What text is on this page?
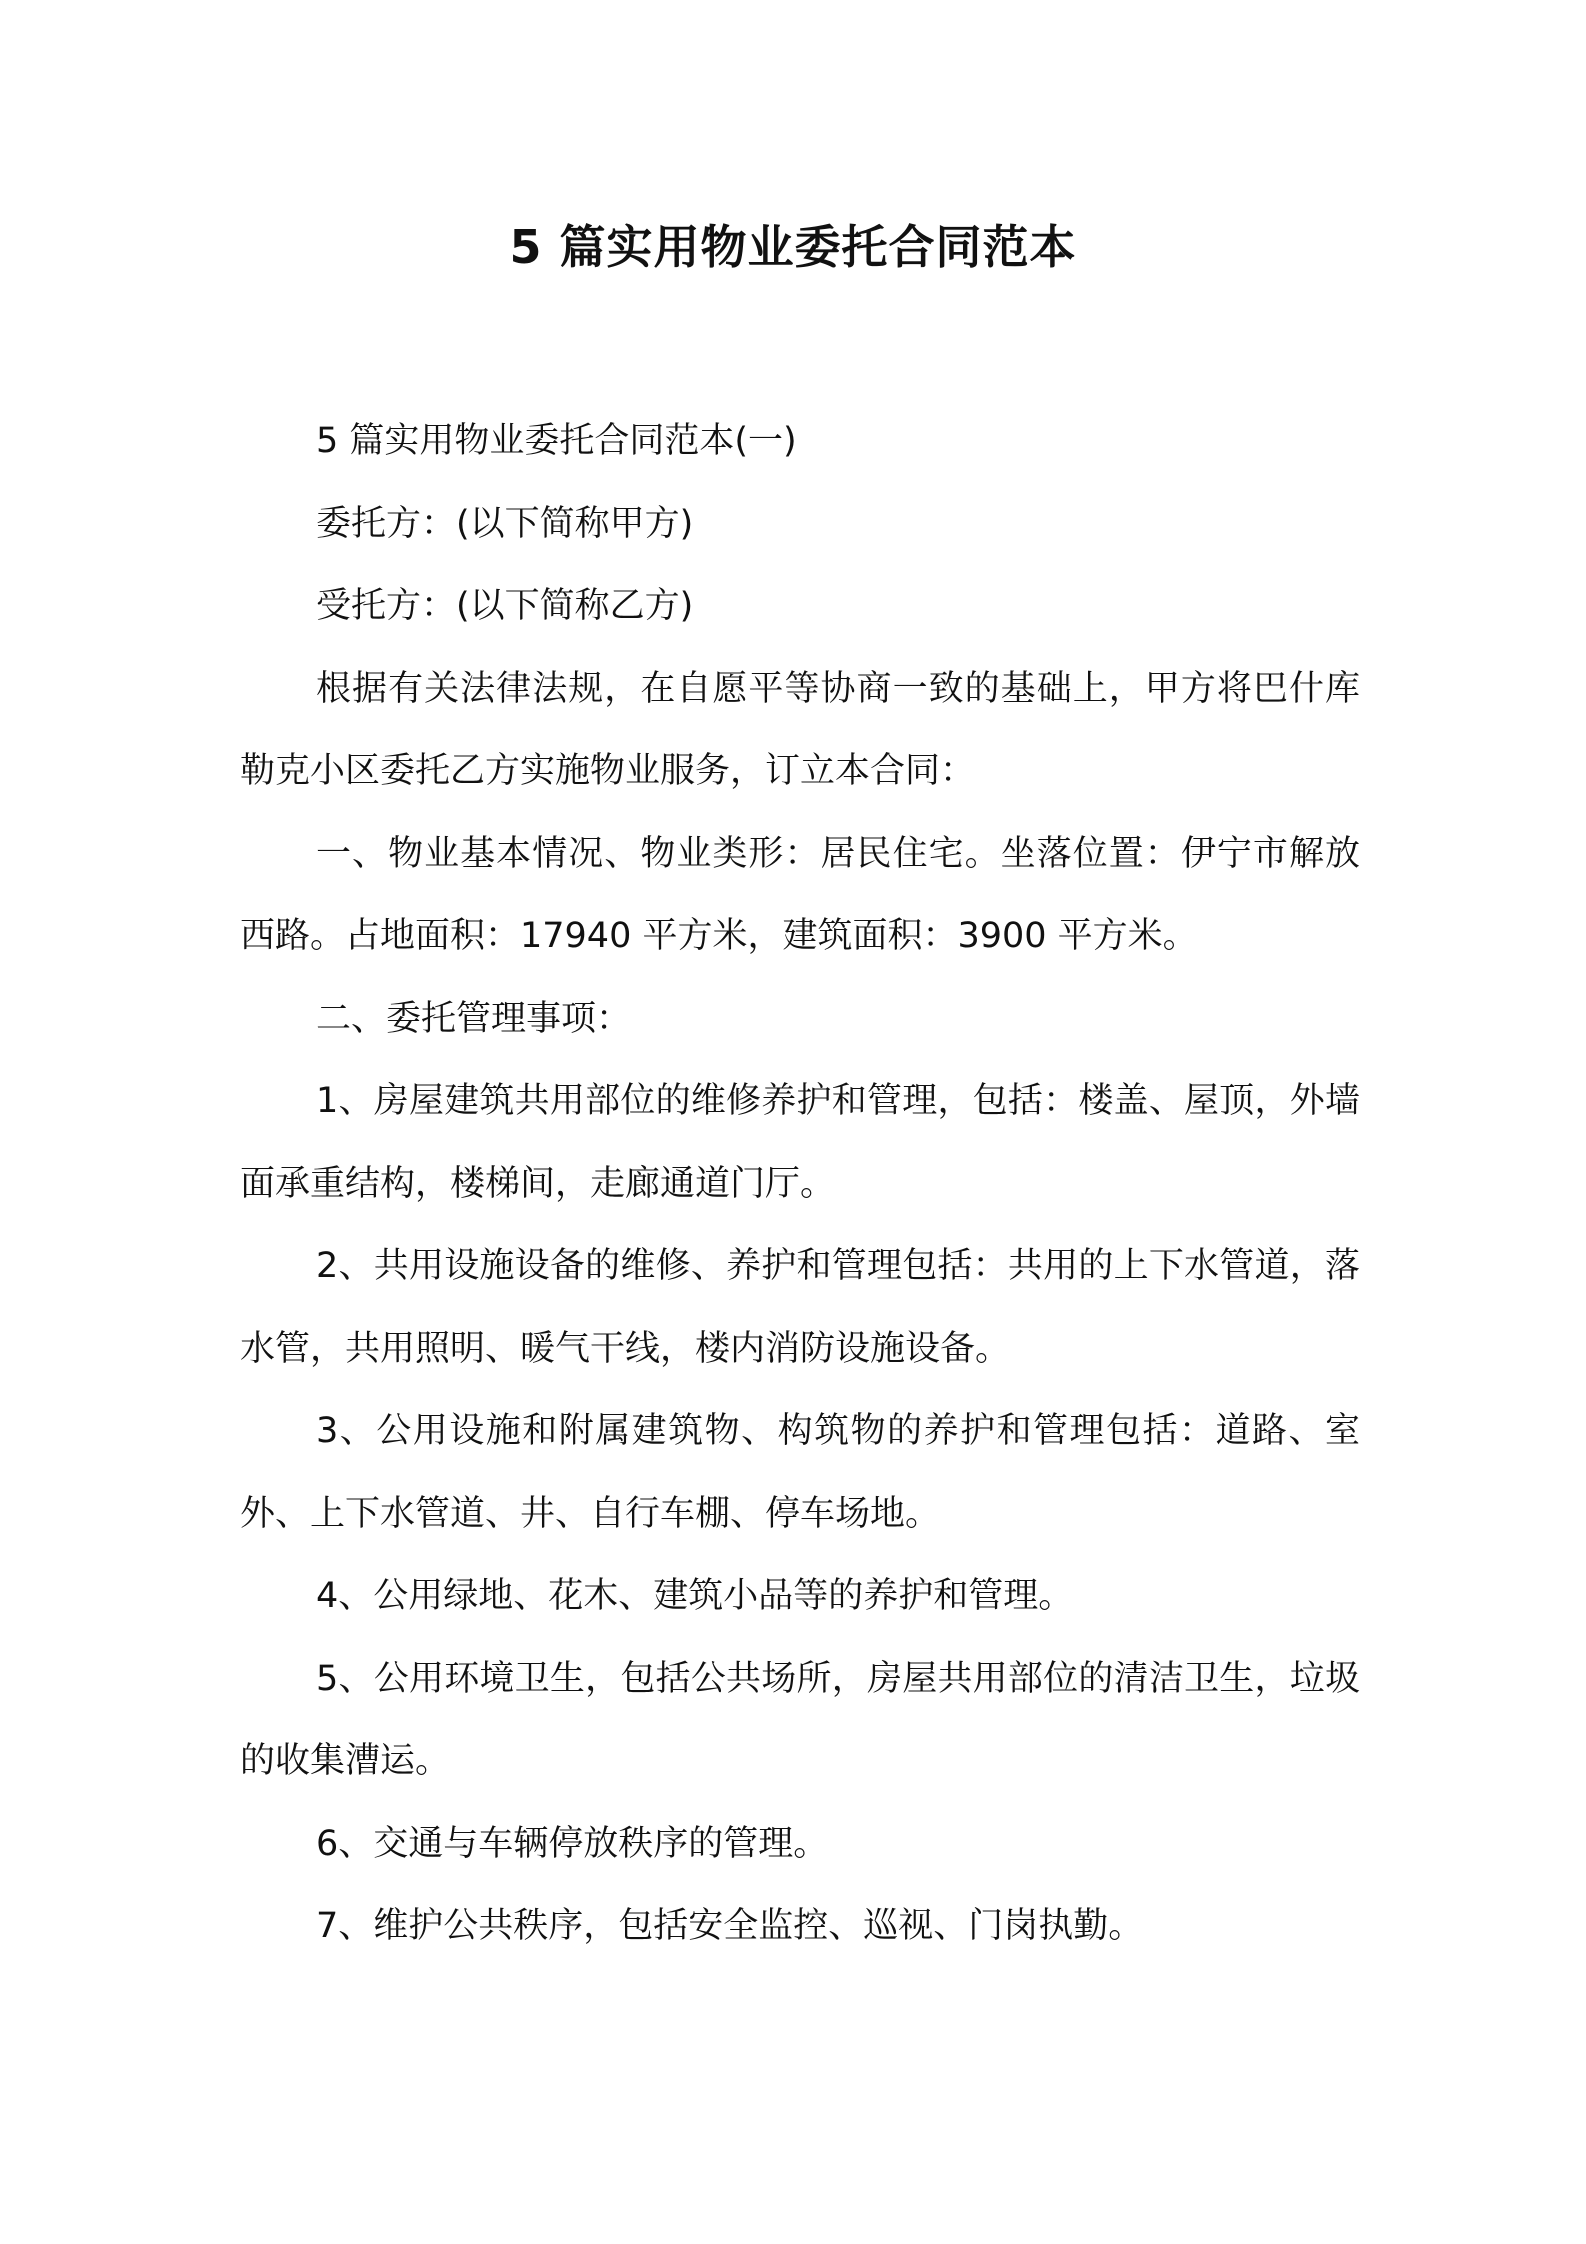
5 篇实用物业委托合同范本

5 篇实用物业委托合同范本(一)

委托方：(以下简称甲方)

受托方：(以下简称乙方)

根据有关法律法规，在自愿平等协商一致的基础上，甲方将巴什库勒克小区委托乙方实施物业服务，订立本合同：

一、物业基本情况、物业类形：居民住宅。坐落位置：伊宁市解放西路。占地面积：17940 平方米，建筑面积：3900 平方米。

二、委托管理事项：

1、房屋建筑共用部位的维修养护和管理，包括：楼盖、屋顶，外墙面承重结构，楼梯间，走廊通道门厅。

2、共用设施设备的维修、养护和管理包括：共用的上下水管道，落水管，共用照明、暖气干线，楼内消防设施设备。

3、公用设施和附属建筑物、构筑物的养护和管理包括：道路、室外、上下水管道、井、自行车棚、停车场地。

4、公用绿地、花木、建筑小品等的养护和管理。

5、公用环境卫生，包括公共场所，房屋共用部位的清洁卫生，垃圾的收集漕运。

6、交通与车辆停放秩序的管理。

7、维护公共秩序，包括安全监控、巡视、门岗执勤。
